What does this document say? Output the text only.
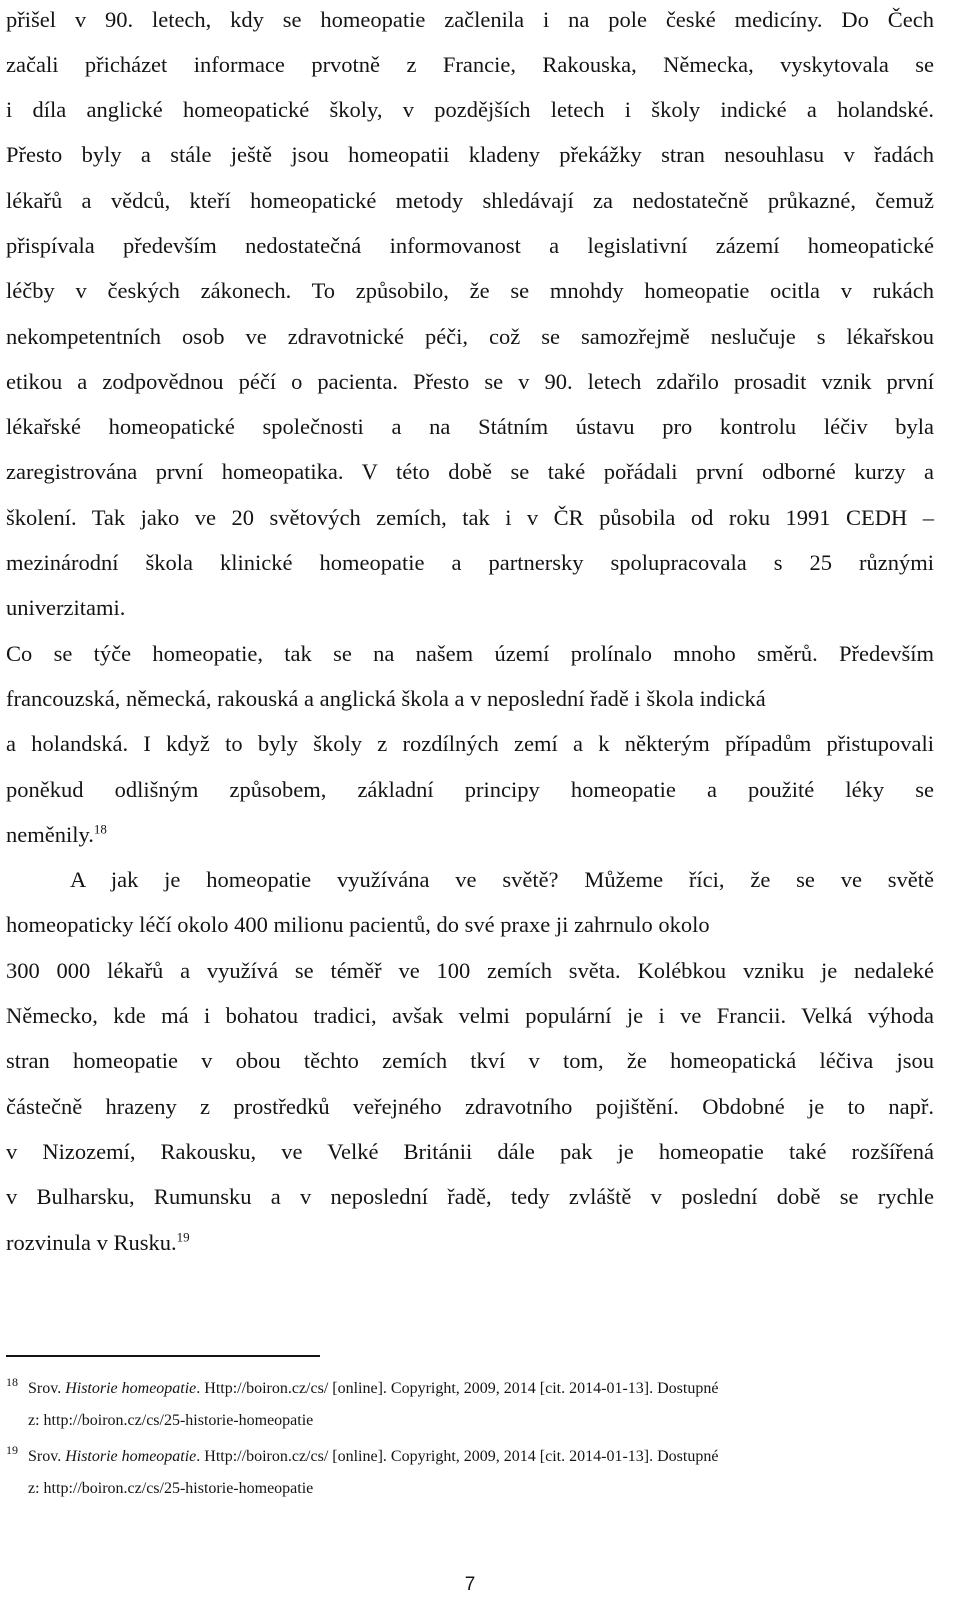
přišel v 90. letech, kdy se homeopatie začlenila i na pole české medicíny. Do Čech
začali přicházet informace prvotně z Francie, Rakouska, Německa, vyskytovala se
i díla anglické homeopatické školy, v pozdějších letech i školy indické a holandské.
Přesto byly a stále ještě jsou homeopatii kladeny překážky stran nesouhlasu v řadách
lékařů a vědců, kteří homeopatické metody shledávají za nedostatečně průkazné, čemuž
přispívala především nedostatečná informovanost a legislativní zázemí homeopatické
léčby v českých zákonech. To způsobilo, že se mnohdy homeopatie ocitla v rukách
nekompetentních osob ve zdravotnické péči, což se samozřejmě neslučuje s lékařskou
etikou a zodpovědnou péčí o pacienta. Přesto se v 90. letech zdařilo prosadit vznik první
lékařské homeopatické společnosti a na Státním ústavu pro kontrolu léčiv byla
zaregistrována první homeopatika. V této době se také pořádali první odborné kurzy a
školení. Tak jako ve 20 světových zemích, tak i v ČR působila od roku 1991 CEDH –
mezinárodní škola klinické homeopatie a partnersky spolupracovala s 25 různými
univerzitami.
Co se týče homeopatie, tak se na našem území prolínalo mnoho směrů. Především
francouzská, německá, rakouská a anglická škola a v neposlední řadě i škola indická
a holandská. I když to byly školy z rozdílných zemí a k některým případům přistupovali
poněkud odlišným způsobem, základní principy homeopatie a použité léky se
neměnily.$^{18}$
A jak je homeopatie využívána ve světě? Můžeme říci, že se ve světě
homeopaticky léčí okolo 400 milionu pacientů, do své praxe ji zahrnulo okolo
300 000 lékařů a využívá se téměř ve 100 zemích světa. Kolébkou vzniku je nedaleké
Německo, kde má i bohatou tradici, avšak velmi populární je i ve Francii. Velká výhoda
stran homeopatie v obou těchto zemích tkví v tom, že homeopatická léčiva jsou
částečně hrazeny z prostředků veřejného zdravotního pojištění. Obdobné je to např.
v Nizozemí, Rakousku, ve Velké Británii dále pak je homeopatie také rozšířená
v Bulharsku, Rumunsku a v neposlední řadě, tedy zvláště v poslední době se rychle
rozvinula v Rusku.$^{19}$
18 Srov. Historie homeopatie. Http://boiron.cz/cs/ [online]. Copyright, 2009, 2014 [cit. 2014-01-13]. Dostupné
z: http://boiron.cz/cs/25-historie-homeopatie
19 Srov. Historie homeopatie. Http://boiron.cz/cs/ [online]. Copyright, 2009, 2014 [cit. 2014-01-13]. Dostupné
z: http://boiron.cz/cs/25-historie-homeopatie
7
